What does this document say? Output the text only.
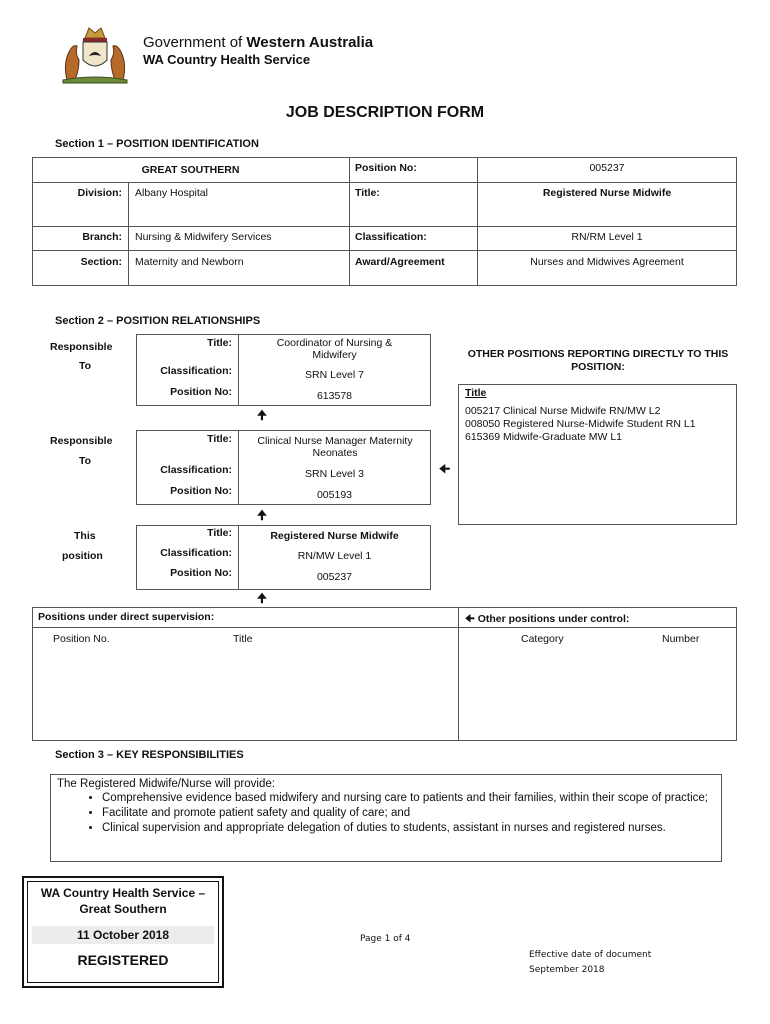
Government of Western Australia
WA Country Health Service
JOB DESCRIPTION FORM
Section 1 – POSITION IDENTIFICATION
GREAT SOUTHERN	Position No:	005237
Division: Albany Hospital	Title:	Registered Nurse Midwife
Branch: Nursing & Midwifery Services	Classification:	RN/RM Level 1
Section: Maternity and Newborn	Award/Agreement	Nurses and Midwives Agreement
Section 2 – POSITION RELATIONSHIPS
Responsible
To
Title:	Coordinator of Nursing & Midwifery
Classification:	SRN Level 7
Position No:	613578
🠉
Responsible
To
Title:	Clinical Nurse Manager Maternity Neonates
Classification:	SRN Level 3
Position No:	005193
🠈
🠉
This
position
Title:	Registered Nurse Midwife
Classification:	RN/MW Level 1
Position No:	005237
🠉
OTHER POSITIONS REPORTING DIRECTLY TO THIS POSITION:
Title
005217 Clinical Nurse Midwife RN/MW L2
008050 Registered Nurse-Midwife Student RN L1
615369 Midwife-Graduate MW L1
Positions under direct supervision:
Position No.	Title
🠈 Other positions under control:
Category	Number
Section 3 – KEY RESPONSIBILITIES
The Registered Midwife/Nurse will provide:
• Comprehensive evidence based midwifery and nursing care to patients and their families, within their scope of practice;
• Facilitate and promote patient safety and quality of care; and
• Clinical supervision and appropriate delegation of duties to students, assistant in nurses and registered nurses.
WA Country Health Service –
Great Southern
11 October 2018
REGISTERED
Page 1 of 4
Effective date of document
September 2018
